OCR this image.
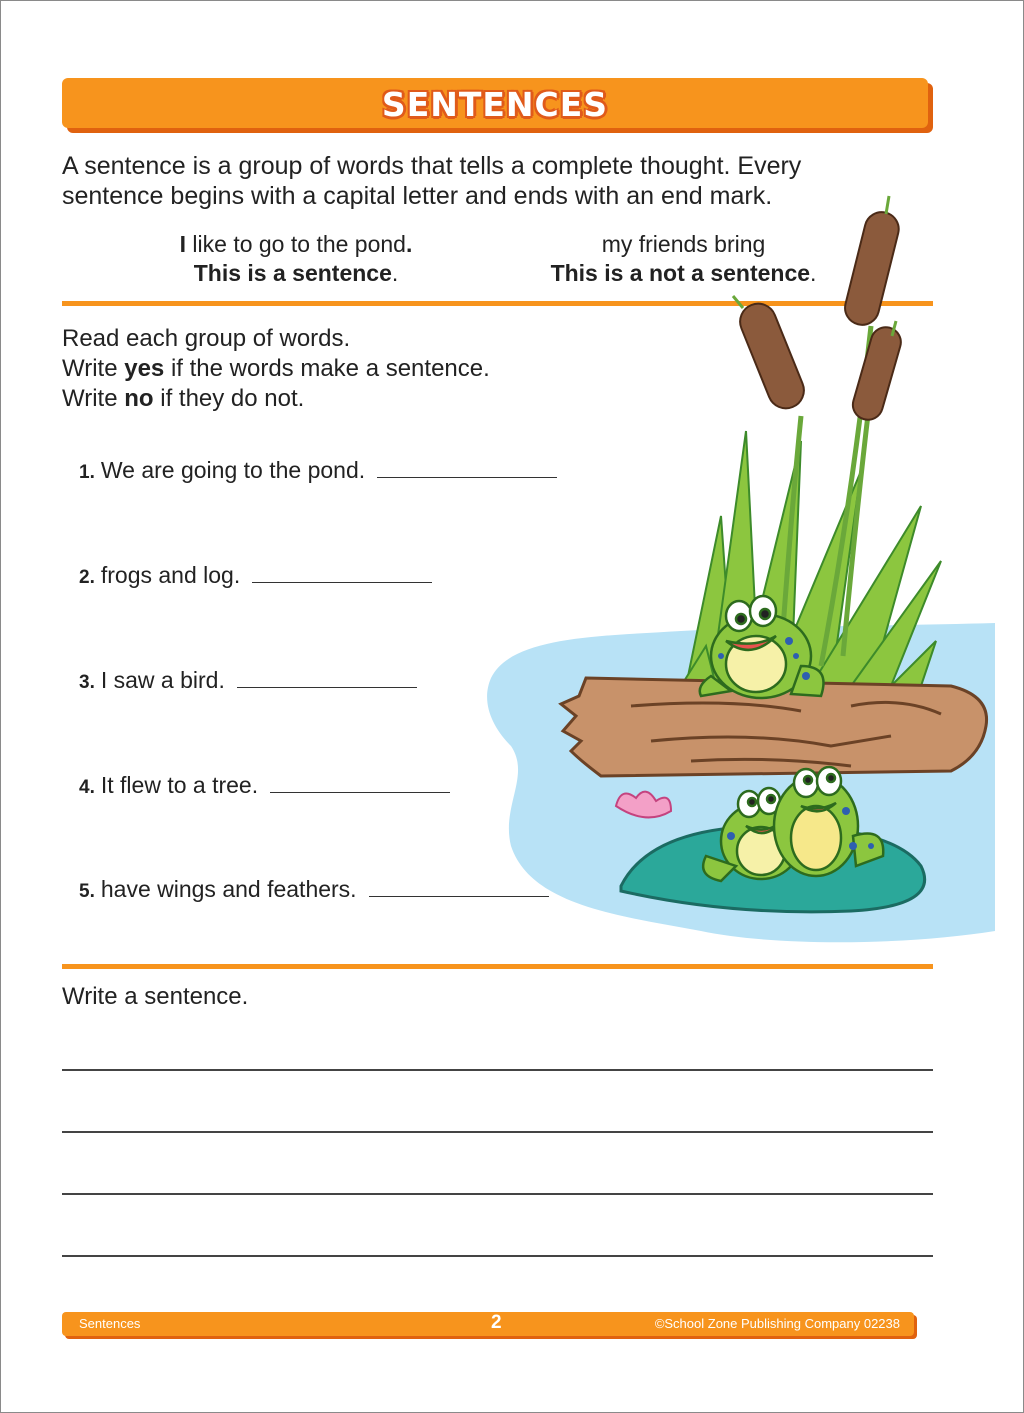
SENTENCES
A sentence is a group of words that tells a complete thought. Every
sentence begins with a capital letter and ends with an end mark.
I like to go to the pond.
This is a sentence.
my friends bring
This is a not a sentence.
Read each group of words.
Write yes if the words make a sentence.
Write no if they do not.
1. We are going to the pond.
2. frogs and log.
3. I saw a bird.
4. It flew to a tree.
5. have wings and feathers.
Write a sentence.
Sentences	2	©School Zone Publishing Company 02238
